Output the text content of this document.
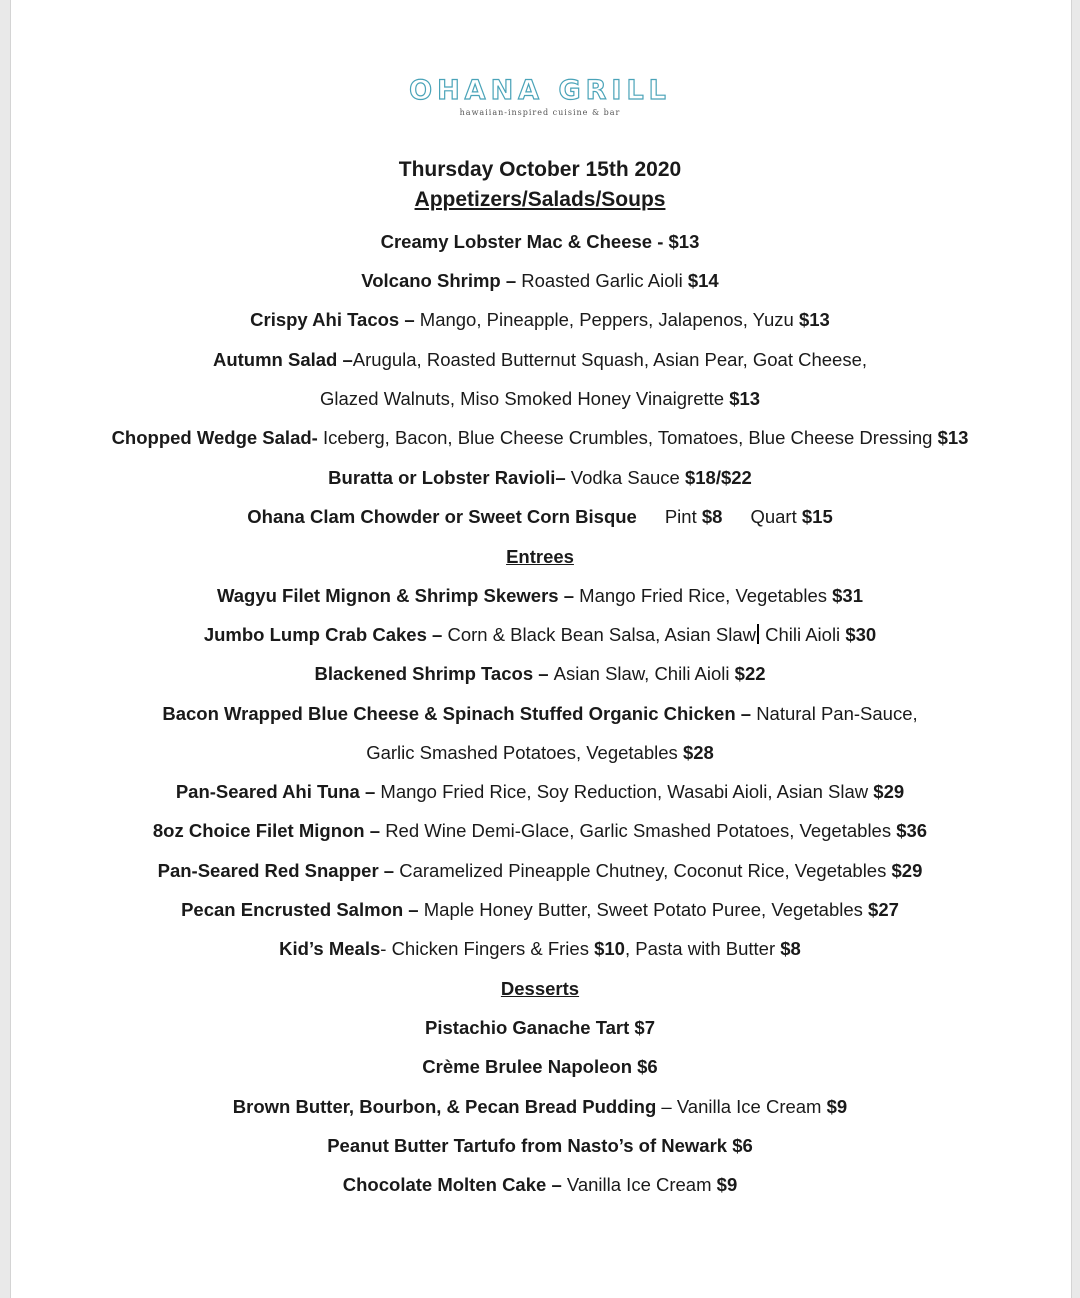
OHANA GRILL
hawaiian-inspired cuisine & bar
Thursday October 15th 2020
Appetizers/Salads/Soups
Creamy Lobster Mac & Cheese - $13
Volcano Shrimp – Roasted Garlic Aioli $14
Crispy Ahi Tacos – Mango, Pineapple, Peppers, Jalapenos, Yuzu $13
Autumn Salad –Arugula, Roasted Butternut Squash, Asian Pear, Goat Cheese,
Glazed Walnuts, Miso Smoked Honey Vinaigrette $13
Chopped Wedge Salad- Iceberg, Bacon, Blue Cheese Crumbles, Tomatoes, Blue Cheese Dressing $13
Buratta or Lobster Ravioli– Vodka Sauce $18/$22
Ohana Clam Chowder or Sweet Corn Bisque Pint $8 Quart $15
Entrees
Wagyu Filet Mignon & Shrimp Skewers – Mango Fried Rice, Vegetables $31
Jumbo Lump Crab Cakes – Corn & Black Bean Salsa, Asian Slaw Chili Aioli $30
Blackened Shrimp Tacos – Asian Slaw, Chili Aioli $22
Bacon Wrapped Blue Cheese & Spinach Stuffed Organic Chicken – Natural Pan-Sauce,
Garlic Smashed Potatoes, Vegetables $28
Pan-Seared Ahi Tuna – Mango Fried Rice, Soy Reduction, Wasabi Aioli, Asian Slaw $29
8oz Choice Filet Mignon – Red Wine Demi-Glace, Garlic Smashed Potatoes, Vegetables $36
Pan-Seared Red Snapper – Caramelized Pineapple Chutney, Coconut Rice, Vegetables $29
Pecan Encrusted Salmon – Maple Honey Butter, Sweet Potato Puree, Vegetables $27
Kid’s Meals- Chicken Fingers & Fries $10, Pasta with Butter $8
Desserts
Pistachio Ganache Tart $7
Crème Brulee Napoleon $6
Brown Butter, Bourbon, & Pecan Bread Pudding – Vanilla Ice Cream $9
Peanut Butter Tartufo from Nasto’s of Newark $6
Chocolate Molten Cake – Vanilla Ice Cream $9
